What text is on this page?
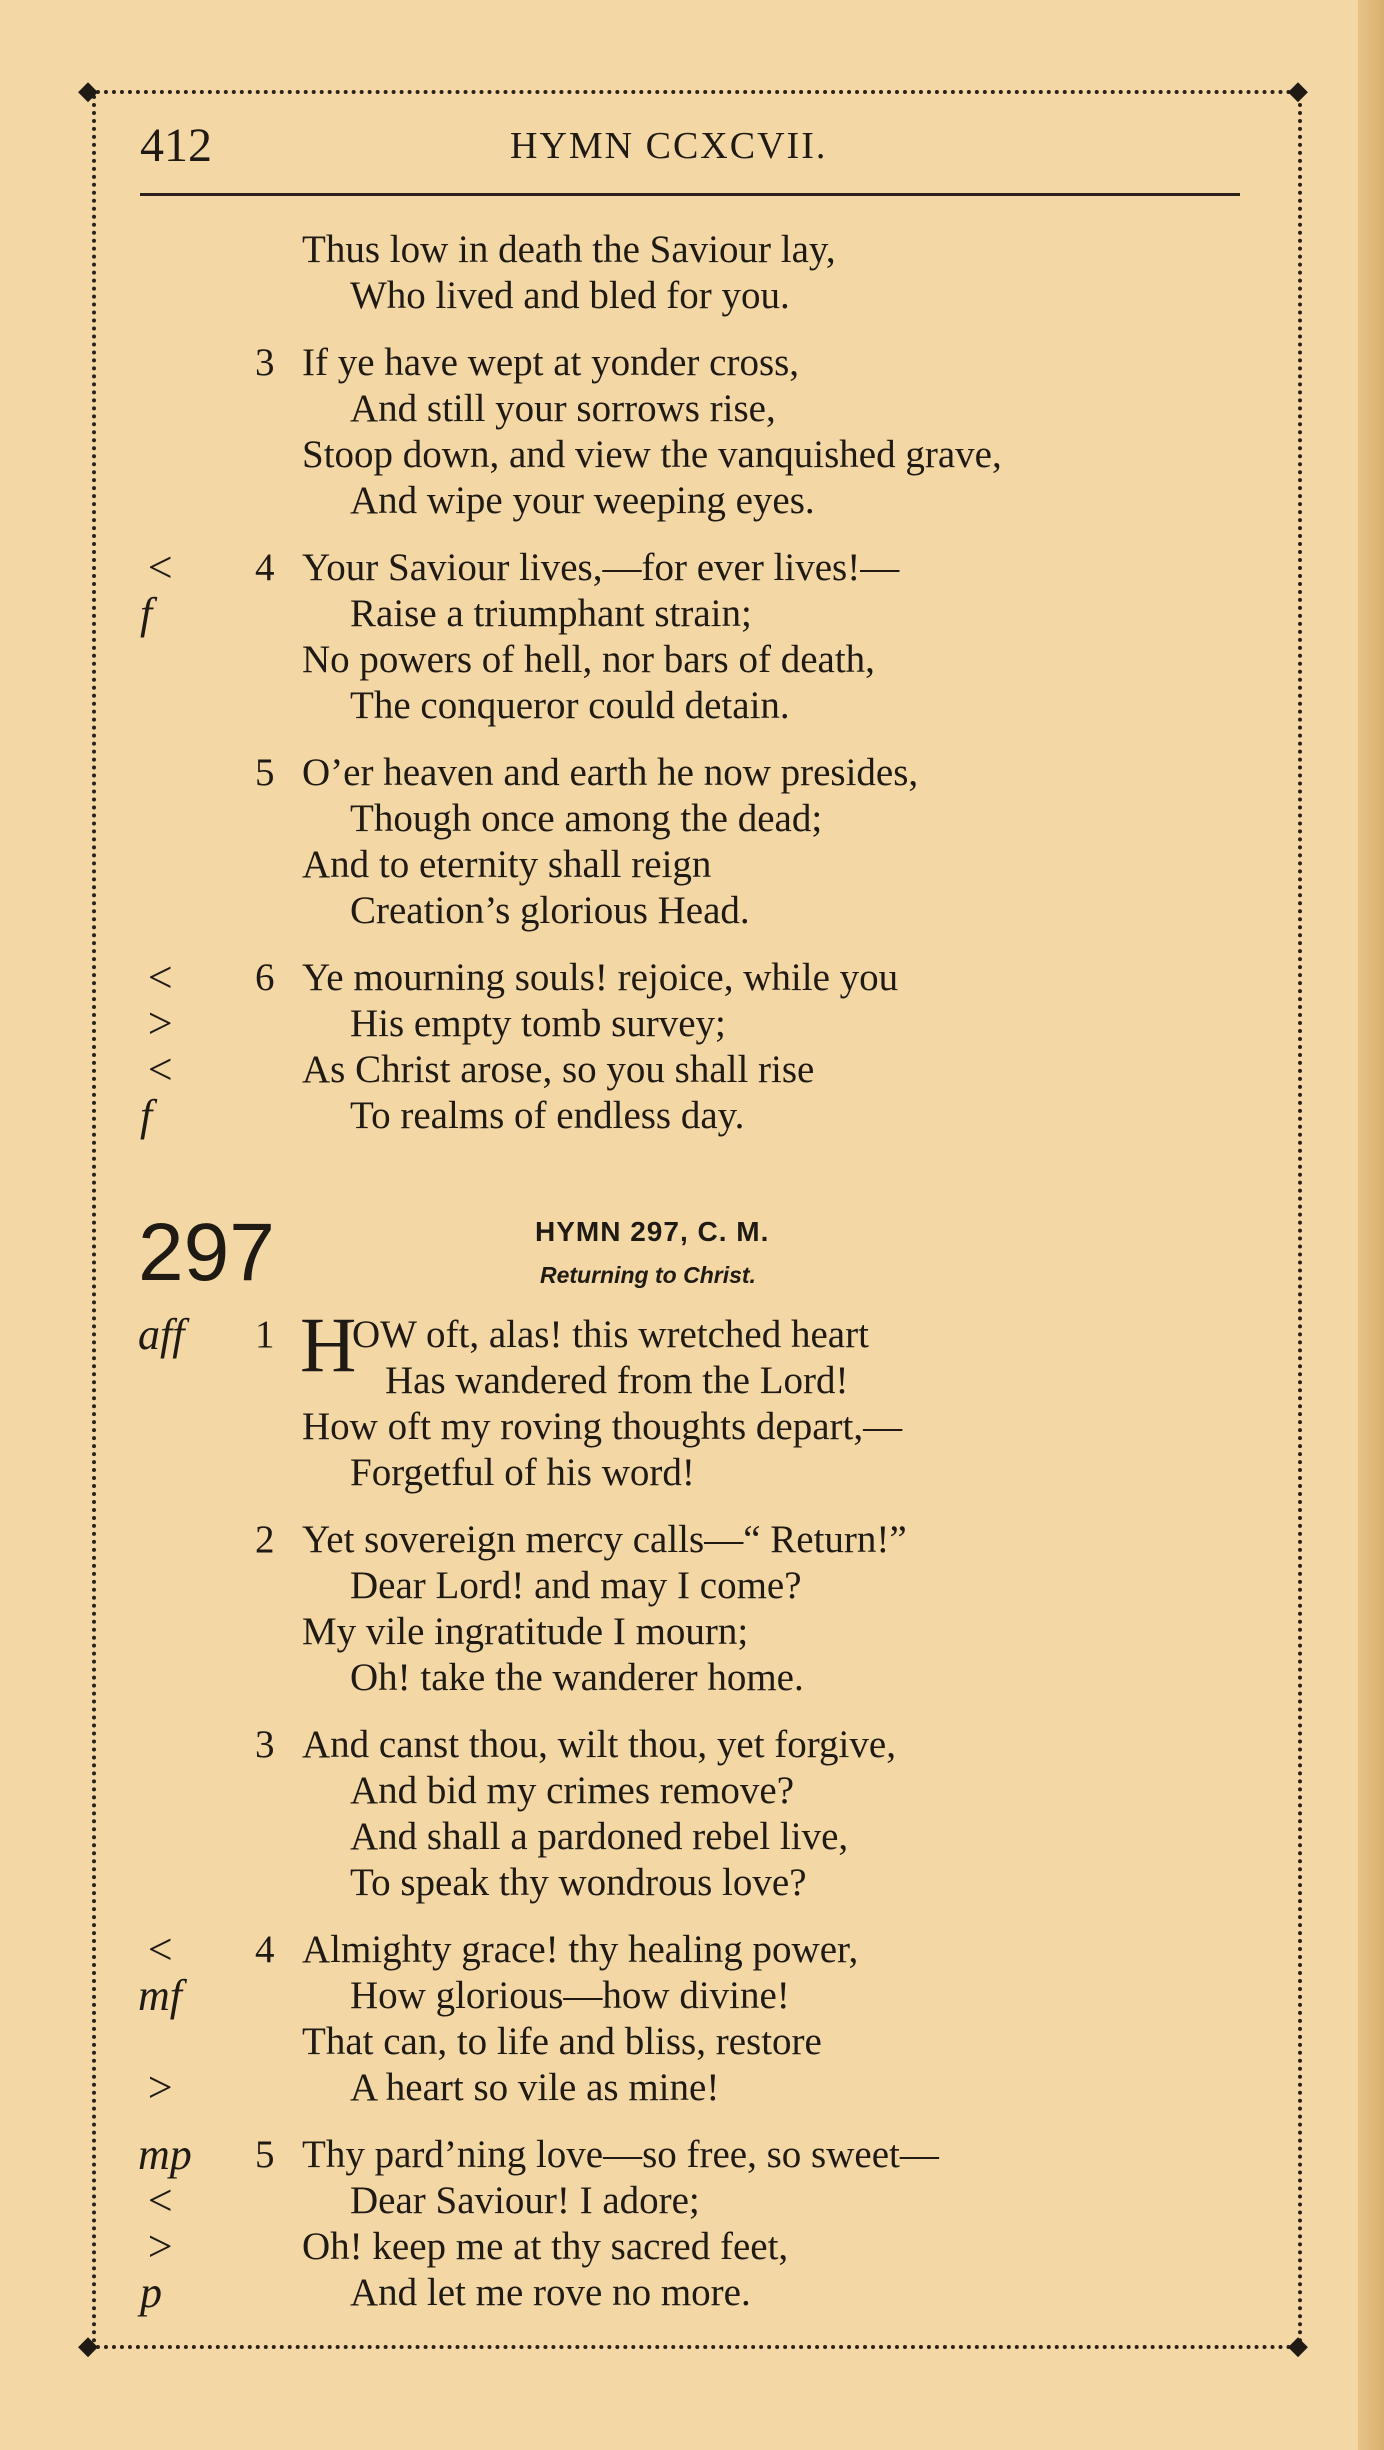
◆	◆
◆	◆
412	HYMN CCXCVII.
Thus low in death the Saviour lay,
Who lived and bled for you.
3 If ye have wept at yonder cross,
And still your sorrows rise,
Stoop down, and view the vanquished grave,
And wipe your weeping eyes.
<
f
4 Your Saviour lives,—for ever lives!—
Raise a triumphant strain;
No powers of hell, nor bars of death,
The conqueror could detain.
5 O’er heaven and earth he now presides,
Though once among the dead;
And to eternity shall reign
Creation’s glorious Head.
<
>
<
f
6 Ye mourning souls! rejoice, while you
His empty tomb survey;
As Christ arose, so you shall rise
To realms of endless day.
297	HYMN 297, C. M.
Returning to Christ.
aff 1 H
OW oft, alas! this wretched heart
Has wandered from the Lord!
How oft my roving thoughts depart,—
Forgetful of his word!
2 Yet sovereign mercy calls—“ Return!”
Dear Lord! and may I come?
My vile ingratitude I mourn;
Oh! take the wanderer home.
3 And canst thou, wilt thou, yet forgive,
And bid my crimes remove?
And shall a pardoned rebel live,
To speak thy wondrous love?
<
mf
>
4 Almighty grace! thy healing power,
How glorious—how divine!
That can, to life and bliss, restore
A heart so vile as mine!
mp
<
>
p
5 Thy pard’ning love—so free, so sweet—
Dear Saviour! I adore;
Oh! keep me at thy sacred feet,
And let me rove no more.
